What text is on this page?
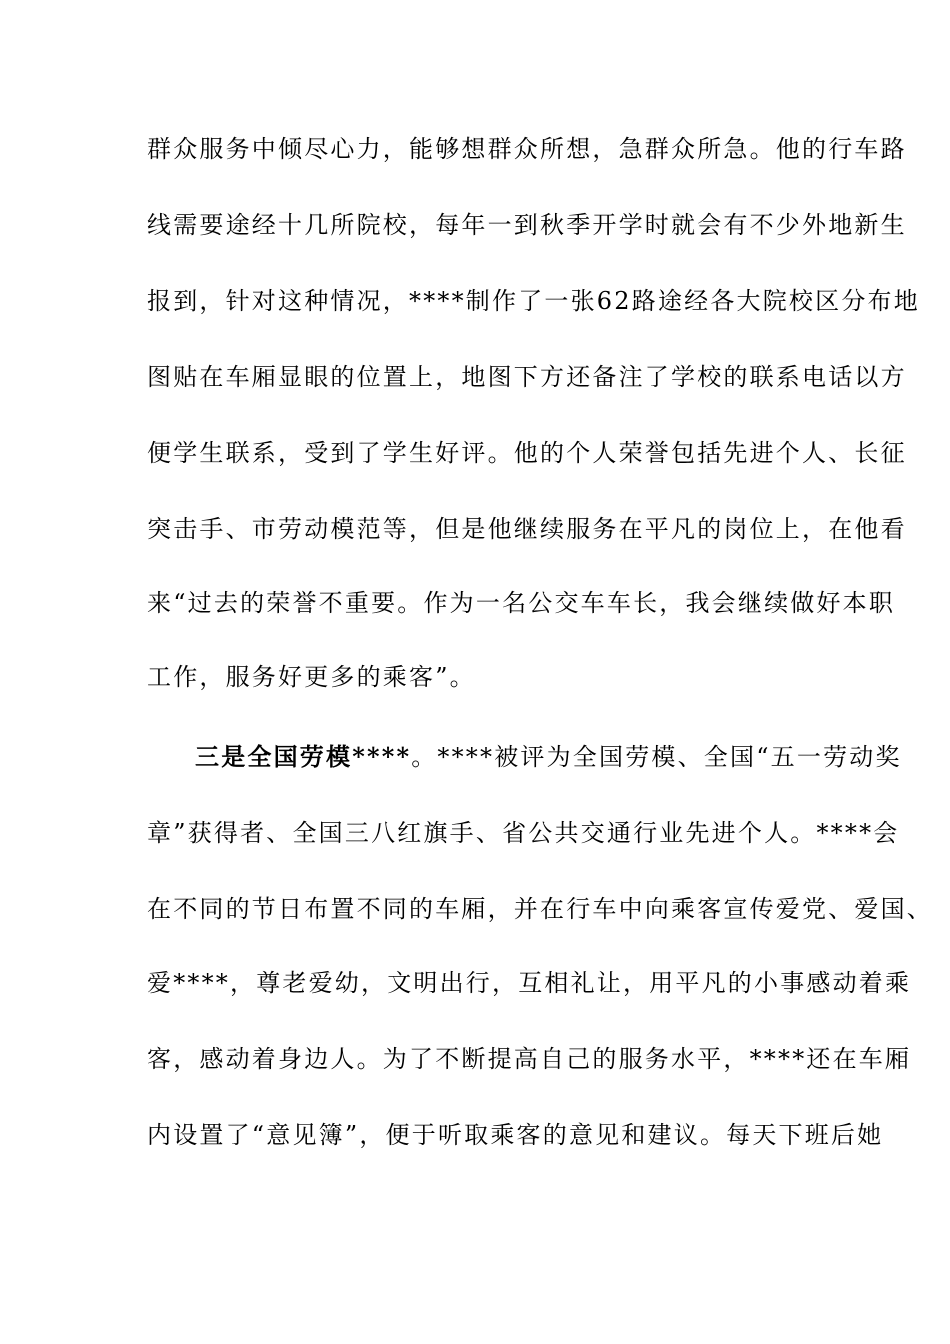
群众服务中倾尽心力，能够想群众所想，急群众所急。他的行车路
线需要途经十几所院校，每年一到秋季开学时就会有不少外地新生
报到，针对这种情况，****制作了一张62路途经各大院校区分布地
图贴在车厢显眼的位置上，地图下方还备注了学校的联系电话以方
便学生联系，受到了学生好评。他的个人荣誉包括先进个人、长征
突击手、市劳动模范等，但是他继续服务在平凡的岗位上，在他看
来“过去的荣誉不重要。作为一名公交车车长，我会继续做好本职
工作，服务好更多的乘客”。
三是全国劳模****。****被评为全国劳模、全国“五一劳动奖
章”获得者、全国三八红旗手、省公共交通行业先进个人。****会
在不同的节日布置不同的车厢，并在行车中向乘客宣传爱党、爱国、
爱****，尊老爱幼，文明出行，互相礼让，用平凡的小事感动着乘
客，感动着身边人。为了不断提高自己的服务水平，****还在车厢
内设置了“意见簿”，便于听取乘客的意见和建议。每天下班后她
